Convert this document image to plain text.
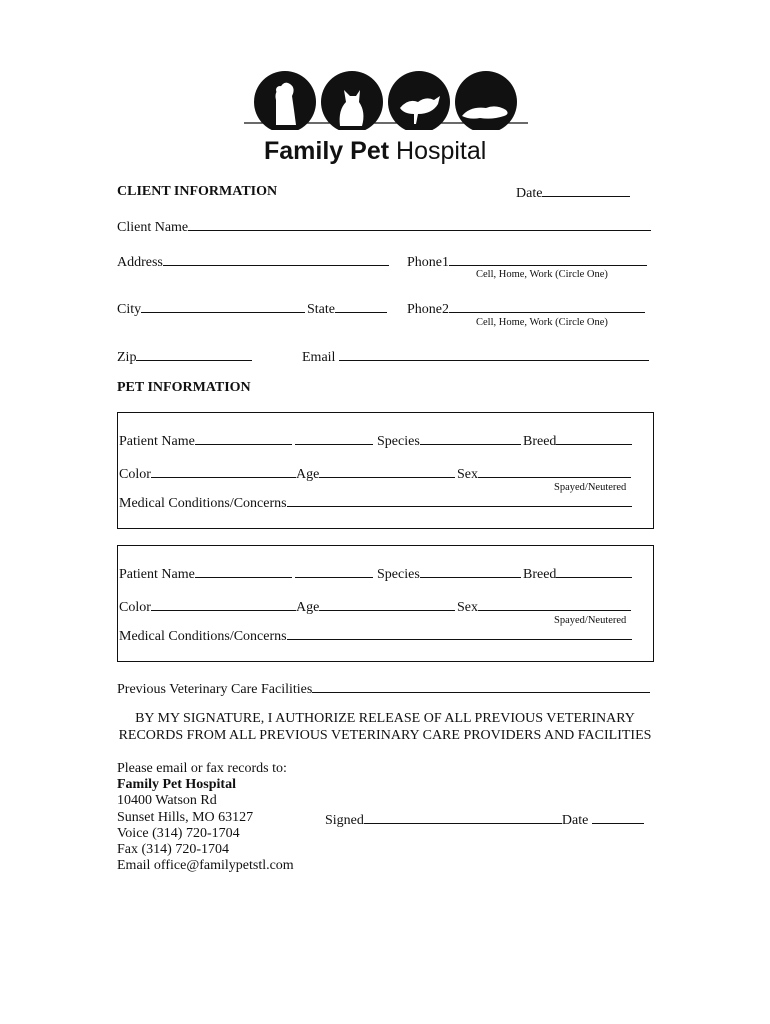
Family Pet Hospital
CLIENT INFORMATION	Date
Client Name
Address	Phone1
Cell, Home, Work (Circle One)
City	State	Phone2
Cell, Home, Work (Circle One)
Zip	Email
PET INFORMATION
Patient Name	Species	Breed
Color	Age	Sex
Spayed/Neutered
Medical Conditions/Concerns
Patient Name	Species	Breed
Color	Age	Sex
Spayed/Neutered
Medical Conditions/Concerns
Previous Veterinary Care Facilities
BY MY SIGNATURE, I AUTHORIZE RELEASE OF ALL PREVIOUS VETERINARY
RECORDS FROM ALL PREVIOUS VETERINARY CARE PROVIDERS AND FACILITIES
Please email or fax records to:
Family Pet Hospital
10400 Watson Rd
Sunset Hills, MO 63127
Voice (314) 720-1704
Fax (314) 720-1704
Email office@familypetstl.com
Signed	Date
